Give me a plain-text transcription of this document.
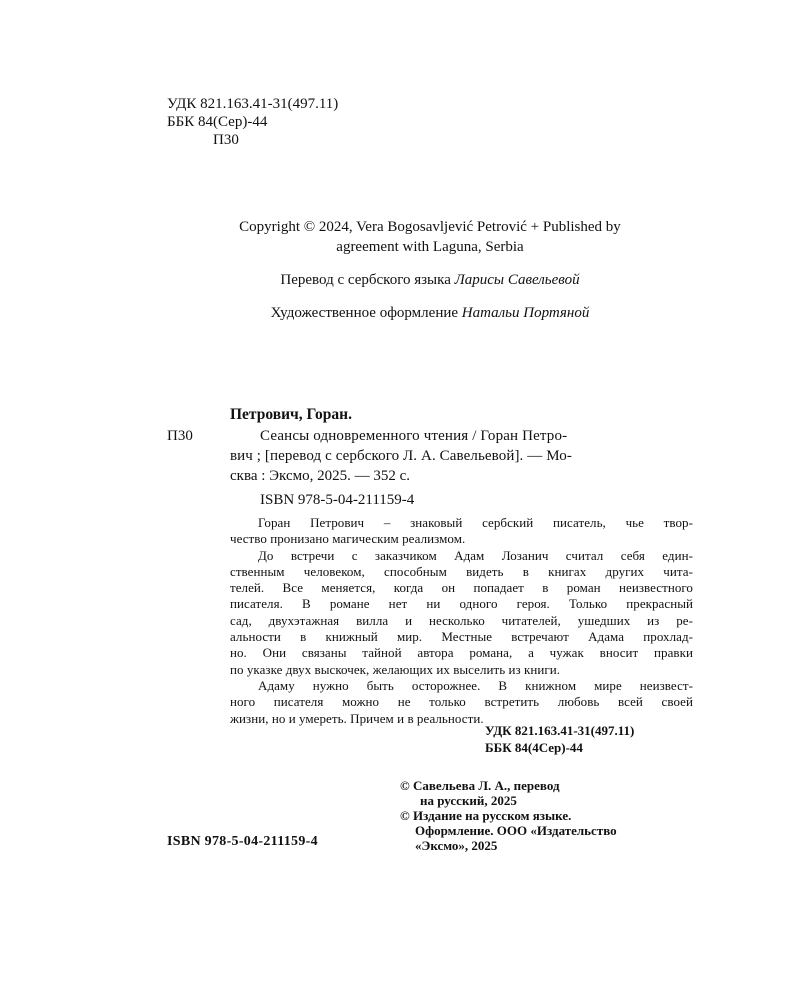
УДК 821.163.41-31(497.11)
ББК 84(Сер)-44
П30
Copyright © 2024, Vera Bogosavljević Petrović + Published by
agreement with Laguna, Serbia
Перевод с сербского языка Ларисы Савельевой
Художественное оформление Натальи Портяной
Петрович, Горан.
П30	Сеансы одновременного чтения / Горан Петро-
вич ; [перевод с сербского Л. А. Савельевой]. — Мо-
сква : Эксмо, 2025. — 352 с.
ISBN 978-5-04-211159-4
Горан Петрович – знаковый сербский писатель, чье твор-
чество пронизано магическим реализмом.
До встречи с заказчиком Адам Лозанич считал себя един-
ственным человеком, способным видеть в книгах других чита-
телей. Все меняется, когда он попадает в роман неизвестного
писателя. В романе нет ни одного героя. Только прекрасный
сад, двухэтажная вилла и несколько читателей, ушедших из ре-
альности в книжный мир. Местные встречают Адама прохлад-
но. Они связаны тайной автора романа, а чужак вносит правки
по указке двух выскочек, желающих их выселить из книги.
Адаму нужно быть осторожнее. В книжном мире неизвест-
ного писателя можно не только встретить любовь всей своей
жизни, но и умереть. Причем и в реальности.
УДК 821.163.41-31(497.11)
ББК 84(4Сер)-44
© Савельева Л. А., перевод
на русский, 2025
© Издание на русском языке.
Оформление. ООО «Издательство
«Эксмо», 2025
ISBN 978-5-04-211159-4
